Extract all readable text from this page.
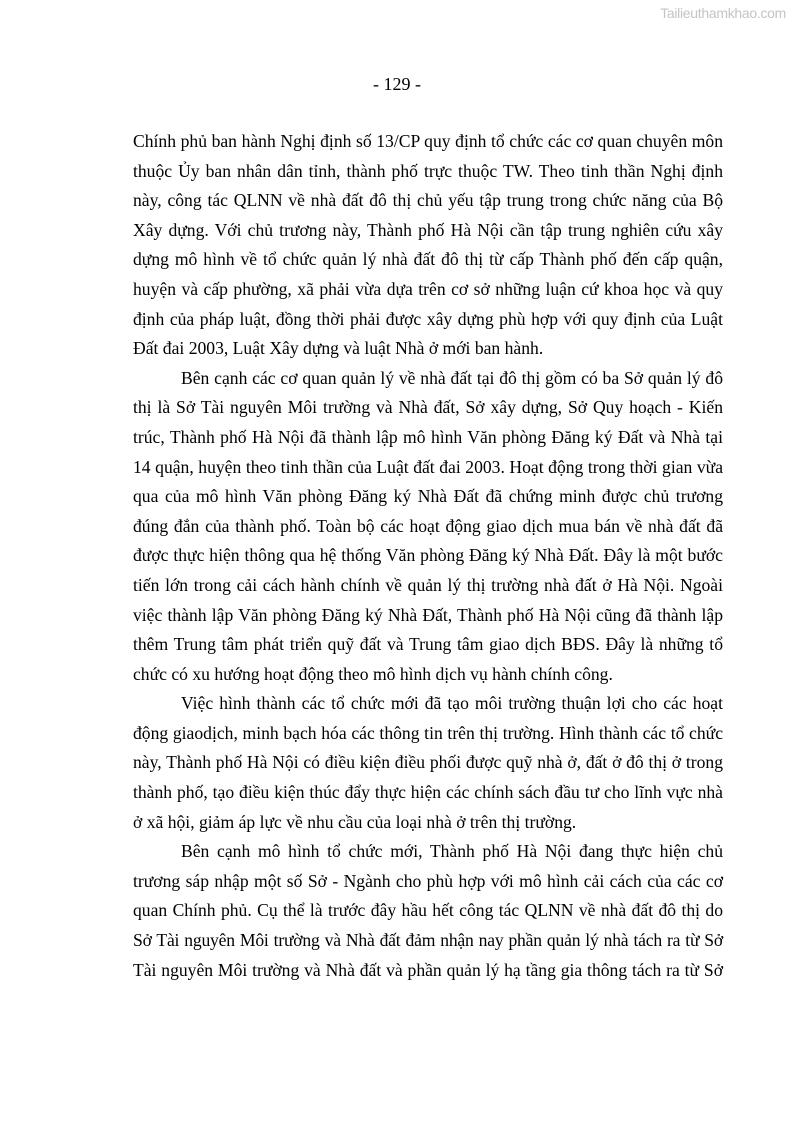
Tailieuthamkhao.com
- 129 -
Chính phủ ban hành Nghị định số 13/CP quy định tổ chức các cơ quan chuyên môn
thuộc Ủy ban nhân dân tỉnh, thành phố trực thuộc TW. Theo tinh thần Nghị định
này, công tác QLNN về nhà đất đô thị chủ yếu tập trung trong chức năng của Bộ
Xây dựng. Với chủ trương này, Thành phố Hà Nội cần tập trung nghiên cứu xây
dựng mô hình về tổ chức quản lý nhà đất đô thị từ cấp Thành phố đến cấp quận,
huyện và cấp phường, xã phải vừa dựa trên cơ sở những luận cứ khoa học và quy
định của pháp luật, đồng thời phải được xây dựng phù hợp với quy định của Luật
Đất đai 2003, Luật Xây dựng và luật Nhà ở mới ban hành.
Bên cạnh các cơ quan quản lý về nhà đất tại đô thị gồm có ba Sở quản lý đô
thị là Sở Tài nguyên Môi trường và Nhà đất, Sở xây dựng, Sở Quy hoạch - Kiến
trúc, Thành phố Hà Nội đã thành lập mô hình Văn phòng Đăng ký Đất và Nhà tại
14 quận, huyện theo tinh thần của Luật đất đai 2003. Hoạt động trong thời gian vừa
qua của mô hình Văn phòng Đăng ký Nhà Đất đã chứng minh được chủ trương
đúng đắn của thành phố. Toàn bộ các hoạt động giao dịch mua bán về nhà đất đã
được thực hiện thông qua hệ thống Văn phòng Đăng ký Nhà Đất. Đây là một bước
tiến lớn trong cải cách hành chính về quản lý thị trường nhà đất ở Hà Nội. Ngoài
việc thành lập Văn phòng Đăng ký Nhà Đất, Thành phố Hà Nội cũng đã thành lập
thêm Trung tâm phát triển quỹ đất và Trung tâm giao dịch BĐS. Đây là những tổ
chức có xu hướng hoạt động theo mô hình dịch vụ hành chính công.
Việc hình thành các tổ chức mới đã tạo môi trường thuận lợi cho các hoạt
động giaodịch, minh bạch hóa các thông tin trên thị trường. Hình thành các tổ chức
này, Thành phố Hà Nội có điều kiện điều phối được quỹ nhà ở, đất ở đô thị ở trong
thành phố, tạo điều kiện thúc đẩy thực hiện các chính sách đầu tư cho lĩnh vực nhà
ở xã hội, giảm áp lực về nhu cầu của loại nhà ở trên thị trường.
Bên cạnh mô hình tổ chức mới, Thành phố Hà Nội đang thực hiện chủ
trương sáp nhập một số Sở - Ngành cho phù hợp với mô hình cải cách của các cơ
quan Chính phủ. Cụ thể là trước đây hầu hết công tác QLNN về nhà đất đô thị do
Sở Tài nguyên Môi trường và Nhà đất đảm nhận nay phần quản lý nhà tách ra từ Sở
Tài nguyên Môi trường và Nhà đất và phần quản lý hạ tầng gia thông tách ra từ Sở
